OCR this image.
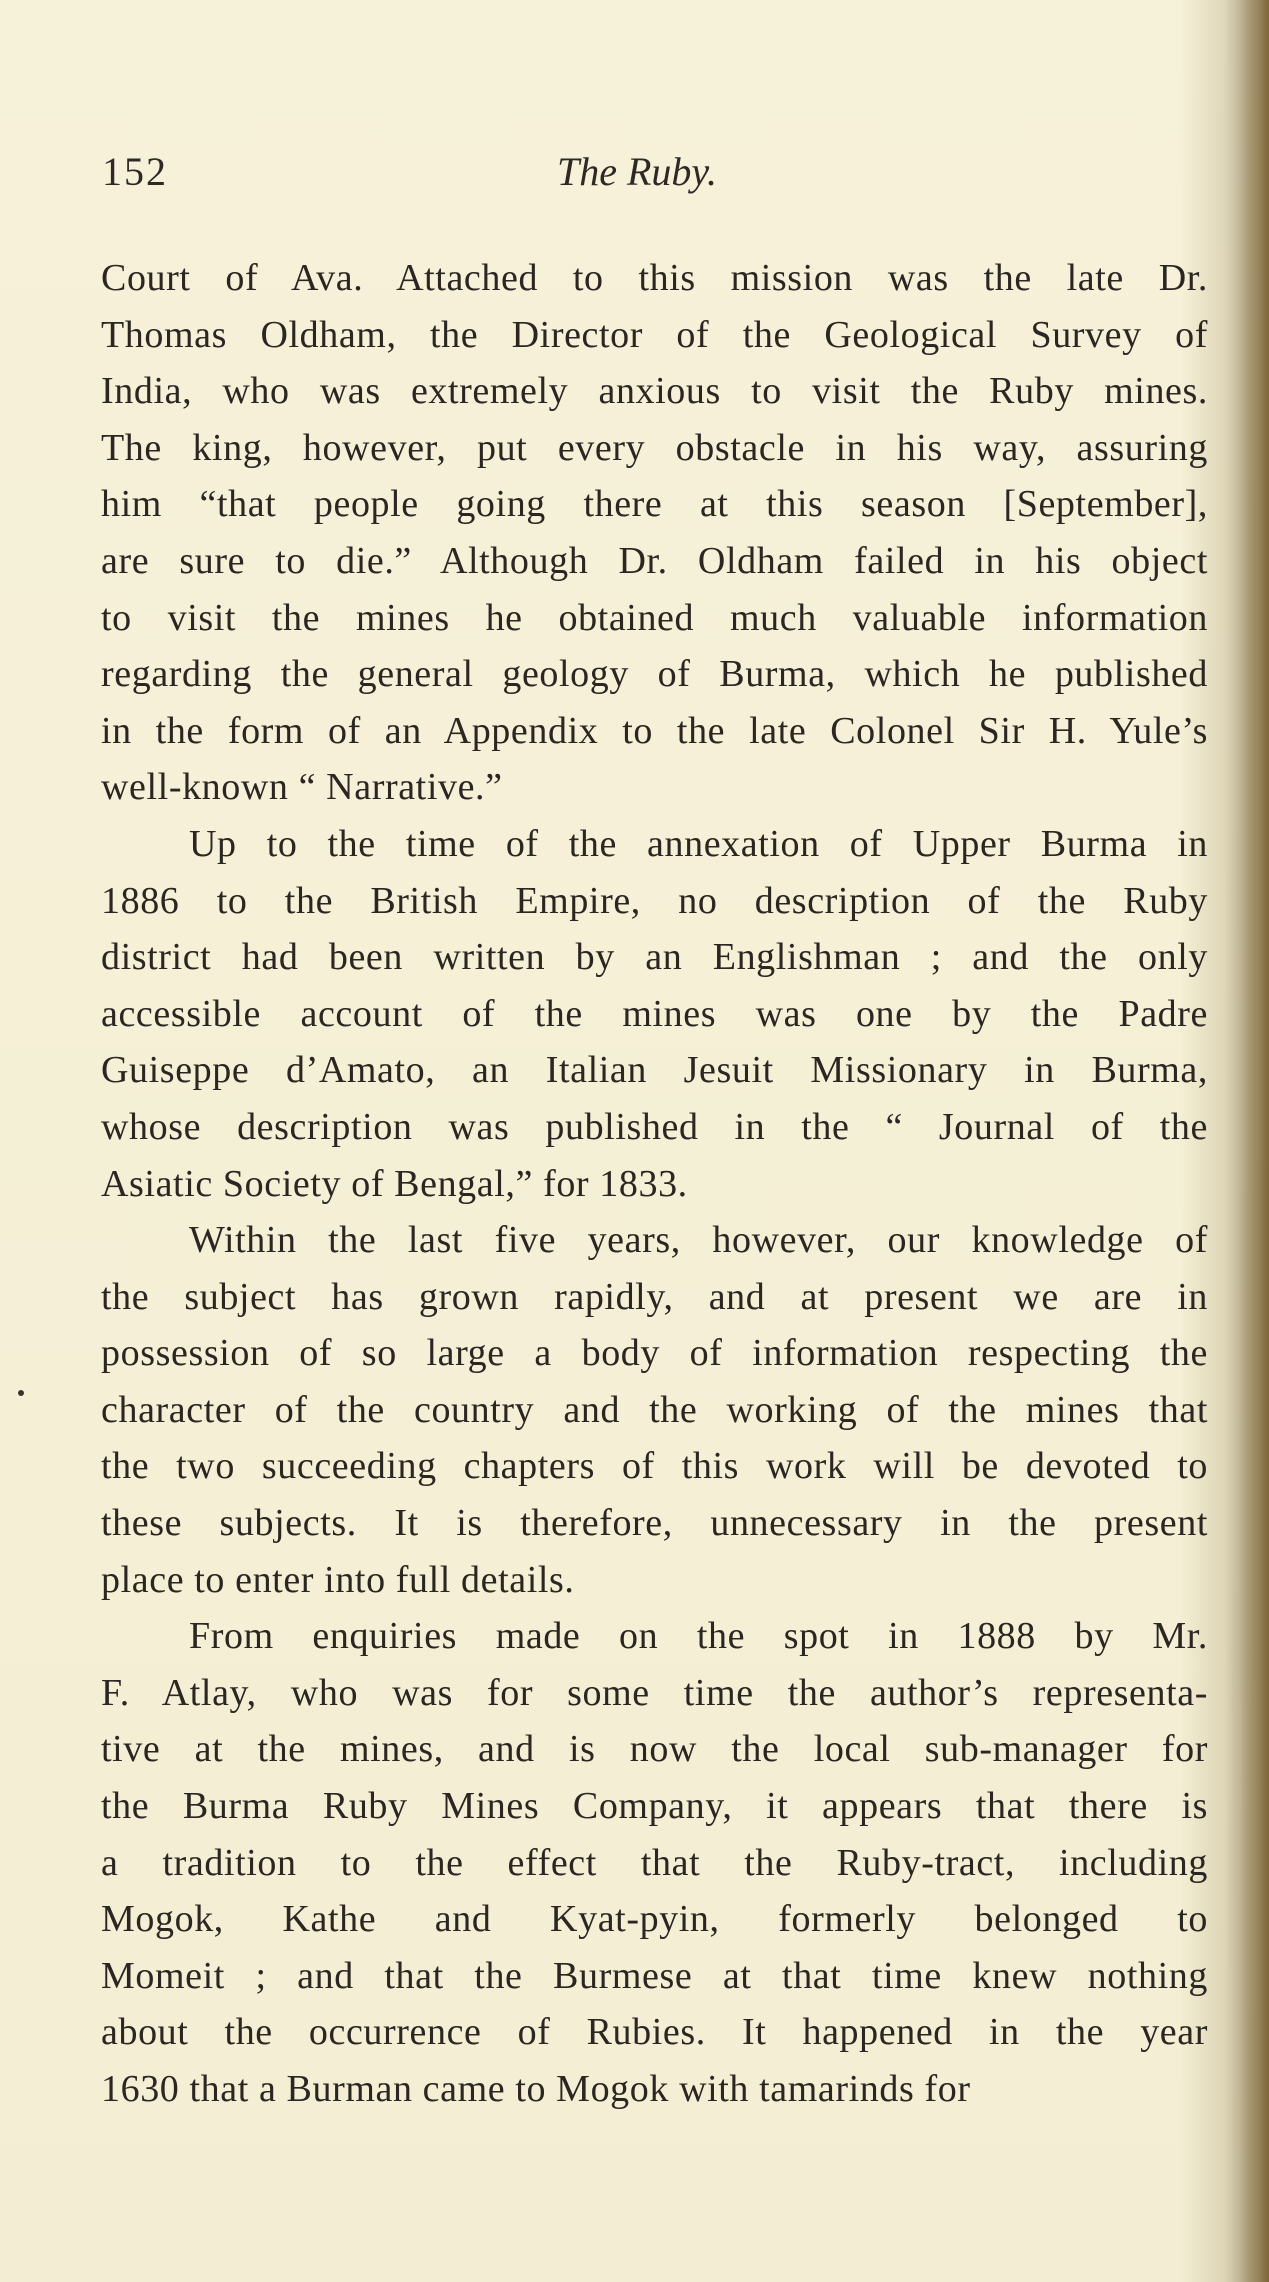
152	The Ruby.
Court of Ava. Attached to this mission was the late Dr.
Thomas Oldham, the Director of the Geological Survey of
India, who was extremely anxious to visit the Ruby mines.
The king, however, put every obstacle in his way, assuring
him “that people going there at this season [September],
are sure to die.” Although Dr. Oldham failed in his object
to visit the mines he obtained much valuable information
regarding the general geology of Burma, which he published
in the form of an Appendix to the late Colonel Sir H. Yule’s
well-known “ Narrative.”
Up to the time of the annexation of Upper Burma in
1886 to the British Empire, no description of the Ruby
district had been written by an Englishman ; and the only
accessible account of the mines was one by the Padre
Guiseppe d’Amato, an Italian Jesuit Missionary in Burma,
whose description was published in the “ Journal of the
Asiatic Society of Bengal,” for 1833.
Within the last five years, however, our knowledge of
the subject has grown rapidly, and at present we are in
possession of so large a body of information respecting the
character of the country and the working of the mines that
the two succeeding chapters of this work will be devoted to
these subjects. It is therefore, unnecessary in the present
place to enter into full details.
From enquiries made on the spot in 1888 by Mr.
F. Atlay, who was for some time the author’s representa-
tive at the mines, and is now the local sub-manager for
the Burma Ruby Mines Company, it appears that there is
a tradition to the effect that the Ruby-tract, including
Mogok, Kathe and Kyat-pyin, formerly belonged to
Momeit ; and that the Burmese at that time knew nothing
about the occurrence of Rubies. It happened in the year
1630 that a Burman came to Mogok with tamarinds for
